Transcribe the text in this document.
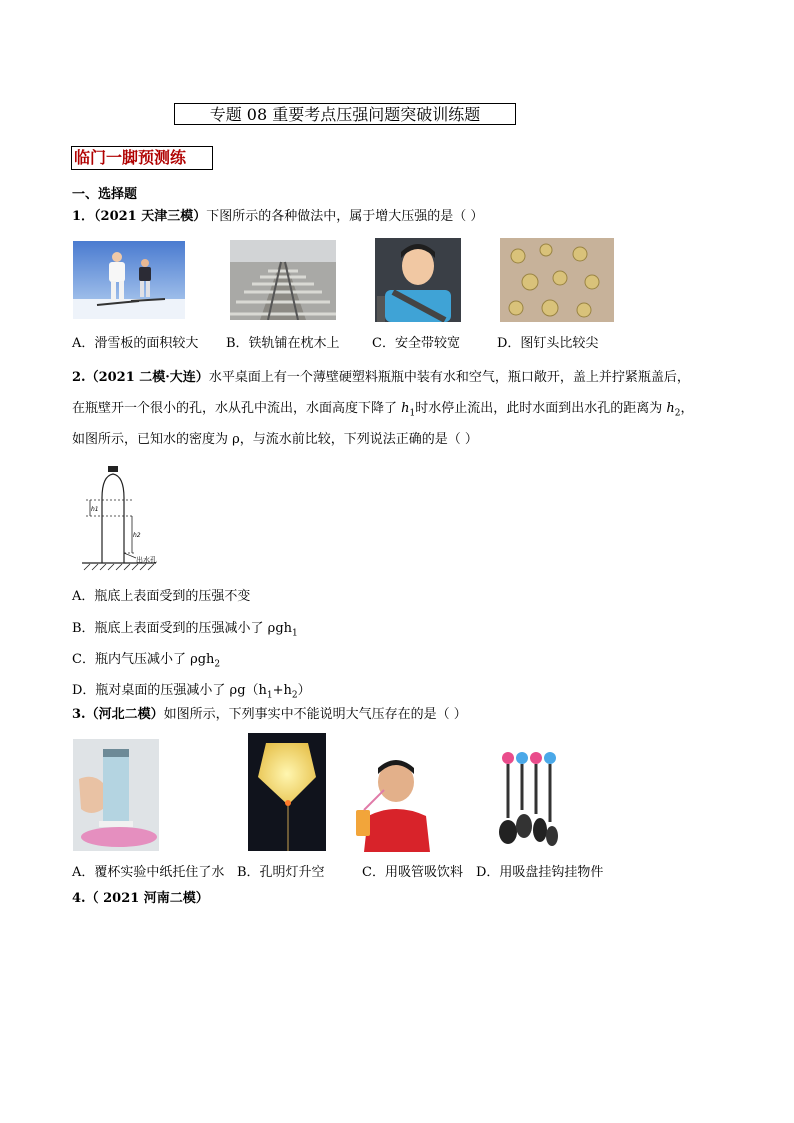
专题 08 重要考点压强问题突破训练题
临门一脚预测练
一、选择题
1．（2021 天津三模）下图所示的各种做法中，属于增大压强的是（ ）
A．滑雪板的面积较大 B．铁轨铺在枕木上 C．安全带较宽	D．图钉头比较尖
2.（2021 二模·大连）水平桌面上有一个薄壁硬塑料瓶瓶中装有水和空气，瓶口敞开，盖上并拧紧瓶盖后，
在瓶壁开一个很小的孔，水从孔中流出，水面高度下降了 $h_1$时水停止流出，此时水面到出水孔的距离为 $h_2$，
如图所示，已知水的密度为 ρ，与流水前比较，下列说法正确的是（ ）
h1
h2
出水孔
A．瓶底上表面受到的压强不变
B．瓶底上表面受到的压强减小了 ρgh$_1$
C．瓶内气压减小了 ρgh$_2$
D．瓶对桌面的压强减小了 $\rho g(h_1+h_2)$
3.（河北二模）如图所示，下列事实中不能说明大气压存在的是（ ）
A．覆杯实验中纸托住了水 B．孔明灯升空	C．用吸管吸饮料 D．用吸盘挂钩挂物件
4.（ 2021 河南二模）
